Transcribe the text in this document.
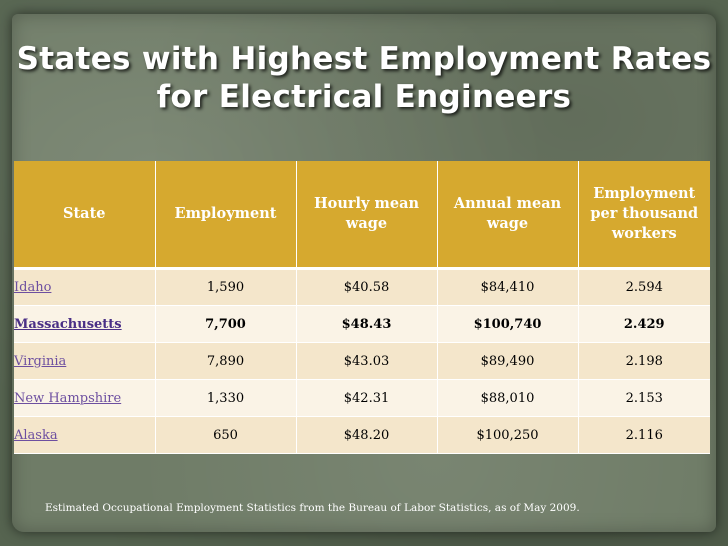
States with Highest Employment Rates
for Electrical Engineers
State	Employment	Hourly mean wage	Annual mean wage	Employment per thousand workers
Idaho	1,590	$40.58	$84,410	2.594
Massachusetts	7,700	$48.43	$100,740	2.429
Virginia	7,890	$43.03	$89,490	2.198
New Hampshire	1,330	$42.31	$88,010	2.153
Alaska	650	$48.20	$100,250	2.116
Estimated Occupational Employment Statistics from the Bureau of Labor Statistics, as of May 2009.
